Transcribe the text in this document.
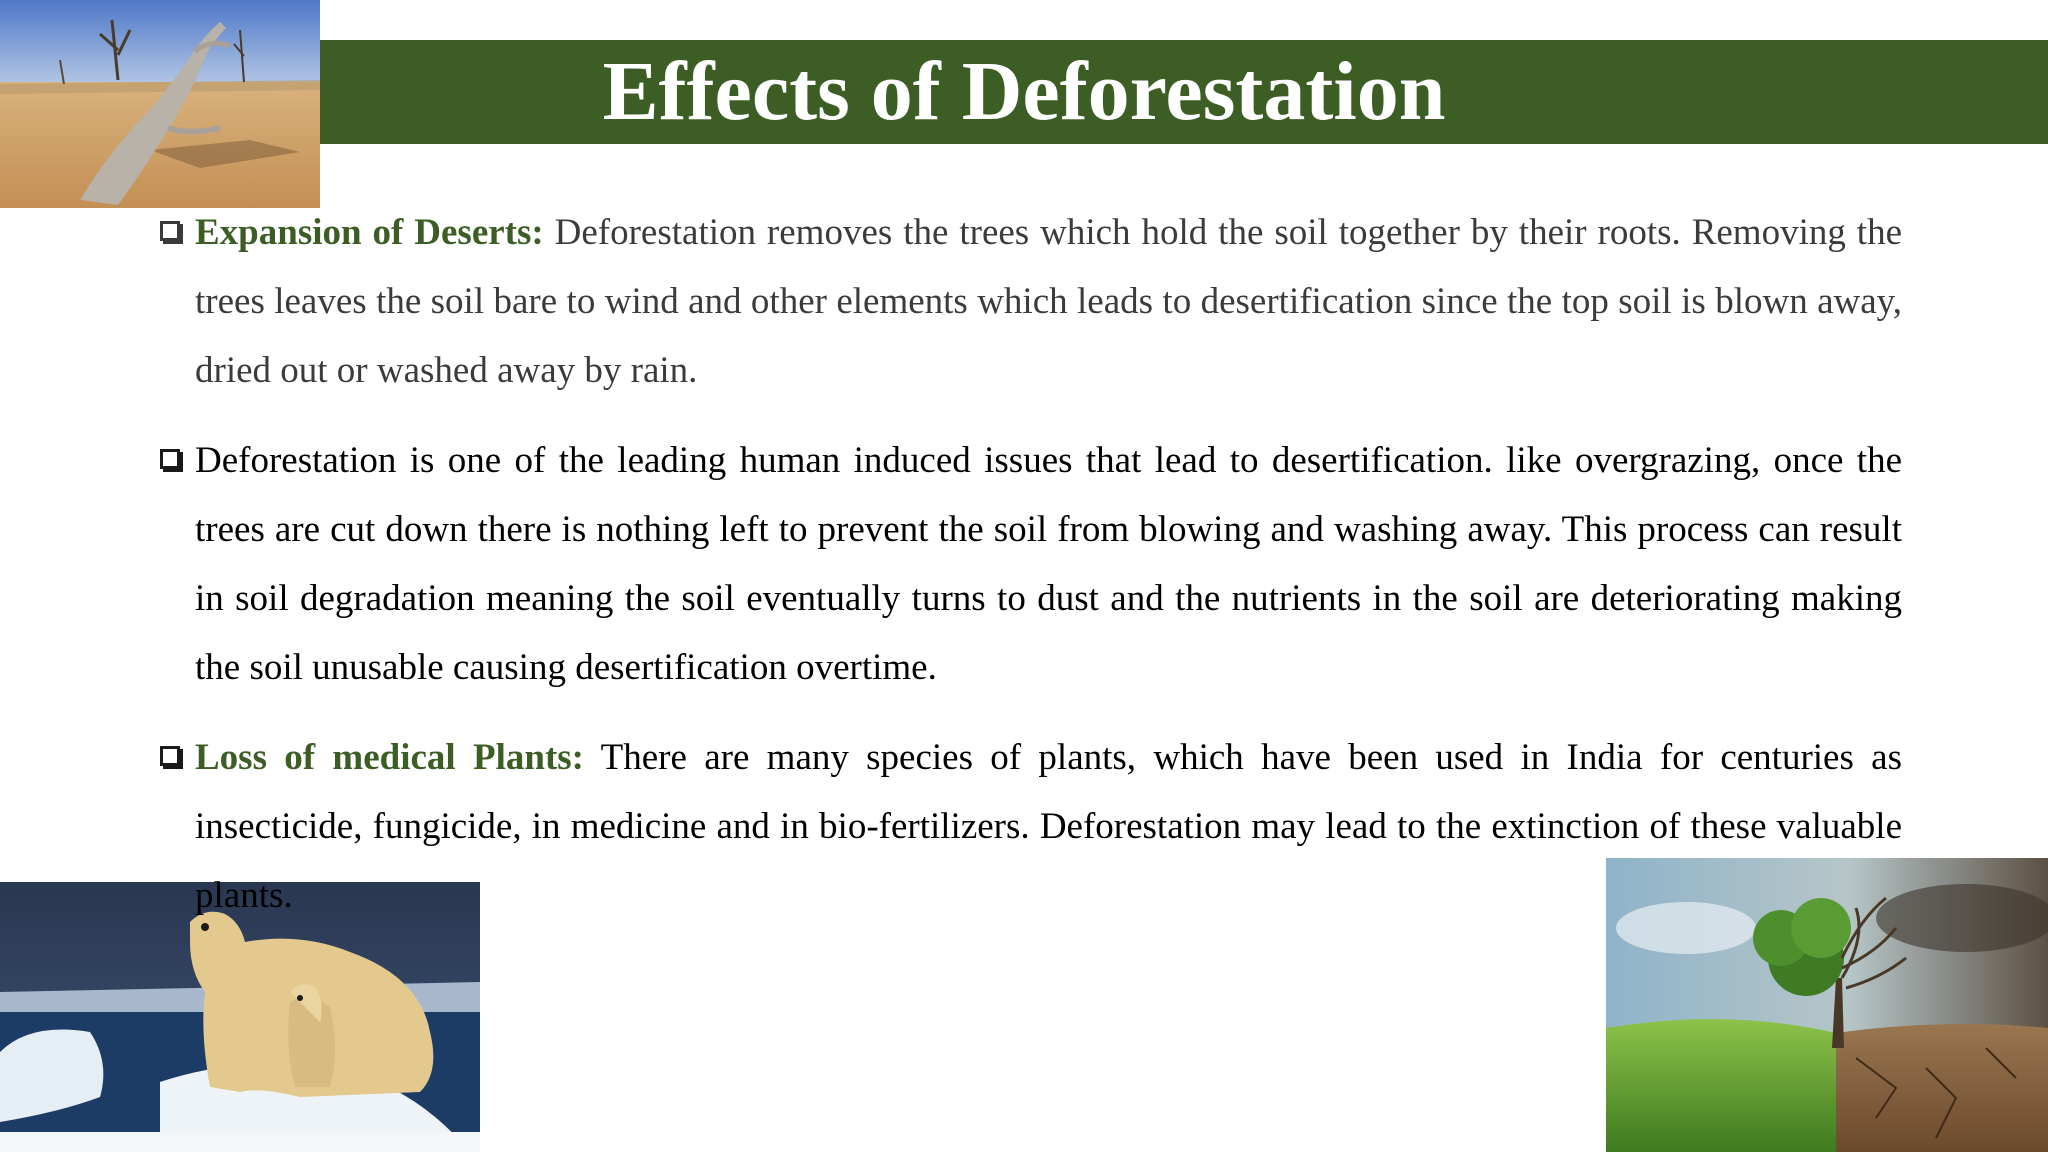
Effects of Deforestation

Expansion of Deserts: Deforestation removes the trees which hold the soil together by their roots. Removing the trees leaves the soil bare to wind and other elements which leads to desertification since the top soil is blown away, dried out or washed away by rain.

Deforestation is one of the leading human induced issues that lead to desertification. like overgrazing, once the trees are cut down there is nothing left to prevent the soil from blowing and washing away. This process can result in soil degradation meaning the soil eventually turns to dust and the nutrients in the soil are deteriorating making the soil unusable causing desertification overtime.

Loss of medical Plants: There are many species of plants, which have been used in India for centuries as insecticide, fungicide, in medicine and in bio-fertilizers. Deforestation may lead to the extinction of these valuable plants.
